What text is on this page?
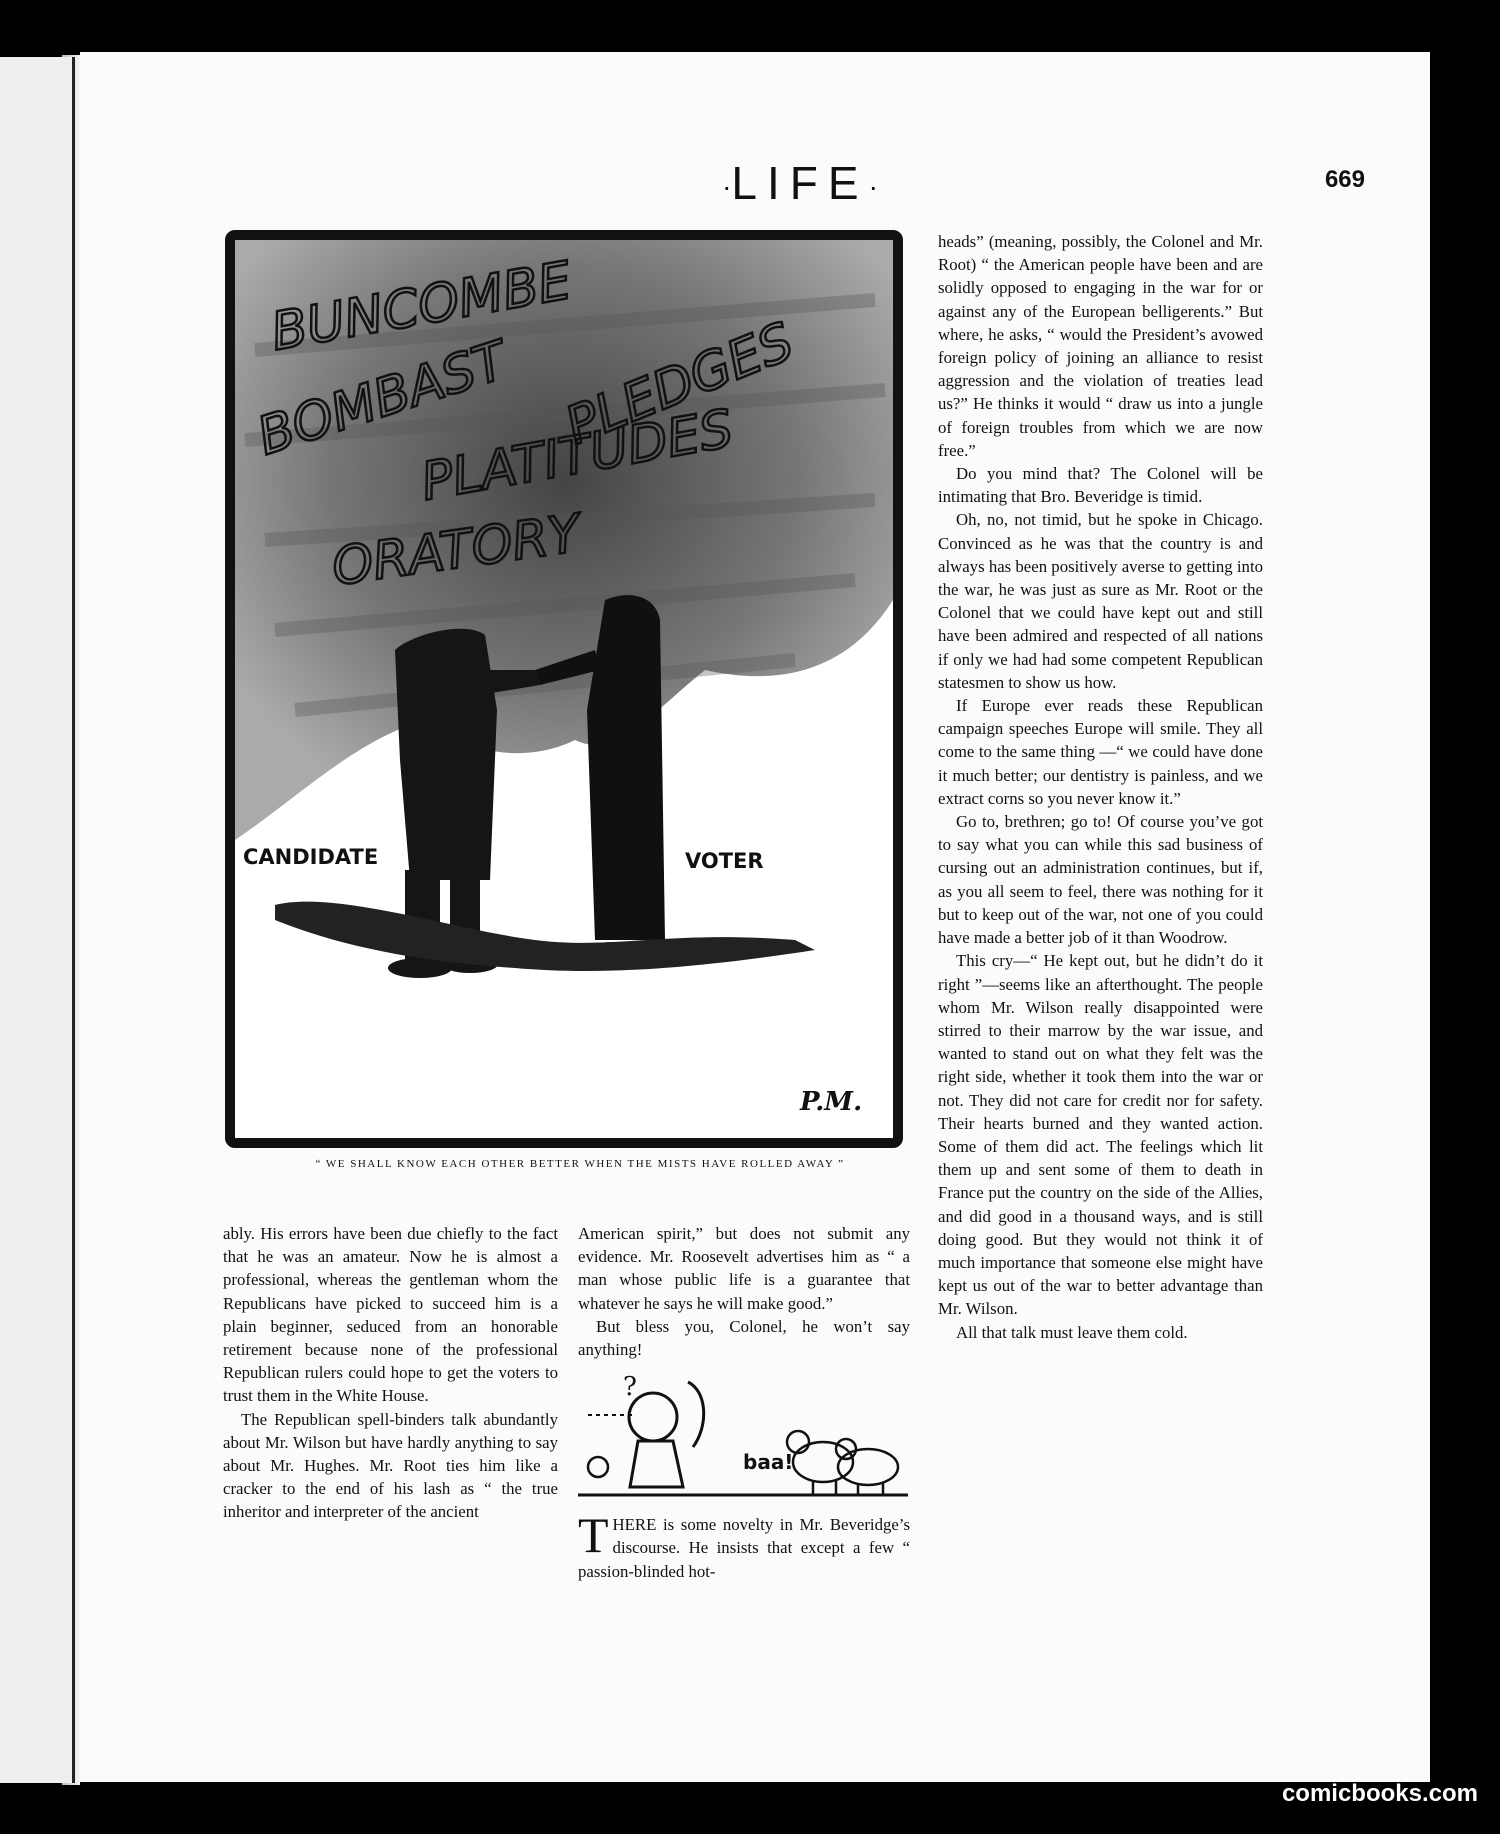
·LIFE·	669
BUNCOMBE
BOMBAST PLEDGES
PLATITUDES
ORATORY
CANDIDATE	VOTER
P.M.
“ WE SHALL KNOW EACH OTHER BETTER WHEN THE MISTS HAVE ROLLED AWAY ”

ably. His errors have been due chiefly to the fact that he was an amateur. Now he is almost a professional, whereas the gentleman whom the Republicans have picked to succeed him is a plain beginner, seduced from an honorable retirement because none of the professional Republican rulers could hope to get the voters to trust them in the White House.

The Republican spell-binders talk abundantly about Mr. Wilson but have hardly anything to say about Mr. Hughes. Mr. Root ties him like a cracker to the end of his lash as “ the true inheritor and interpreter of the ancient

American spirit,” but does not submit any evidence. Mr. Roosevelt advertises him as “ a man whose public life is a guarantee that whatever he says he will make good.”

But bless you, Colonel, he won’t say anything!

?
baa!

THERE is some novelty in Mr. Beveridge’s discourse. He insists that except a few “ passion-blinded hot-

heads” (meaning, possibly, the Colonel and Mr. Root) “ the American people have been and are solidly opposed to engaging in the war for or against any of the European belligerents.” But where, he asks, “ would the President’s avowed foreign policy of joining an alliance to resist aggression and the violation of treaties lead us?” He thinks it would “ draw us into a jungle of foreign troubles from which we are now free.”

Do you mind that? The Colonel will be intimating that Bro. Beveridge is timid.

Oh, no, not timid, but he spoke in Chicago. Convinced as he was that the country is and always has been positively averse to getting into the war, he was just as sure as Mr. Root or the Colonel that we could have kept out and still have been admired and respected of all nations if only we had had some competent Republican statesmen to show us how.

If Europe ever reads these Republican campaign speeches Europe will smile. They all come to the same thing —“ we could have done it much better; our dentistry is painless, and we extract corns so you never know it.”

Go to, brethren; go to! Of course you’ve got to say what you can while this sad business of cursing out an administration continues, but if, as you all seem to feel, there was nothing for it but to keep out of the war, not one of you could have made a better job of it than Woodrow.

This cry—“ He kept out, but he didn’t do it right ”—seems like an afterthought. The people whom Mr. Wilson really disappointed were stirred to their marrow by the war issue, and wanted to stand out on what they felt was the right side, whether it took them into the war or not. They did not care for credit nor for safety. Their hearts burned and they wanted action. Some of them did act. The feelings which lit them up and sent some of them to death in France put the country on the side of the Allies, and did good in a thousand ways, and is still doing good. But they would not think it of much importance that someone else might have kept us out of the war to better advantage than Mr. Wilson.

All that talk must leave them cold.

comicbooks.com
